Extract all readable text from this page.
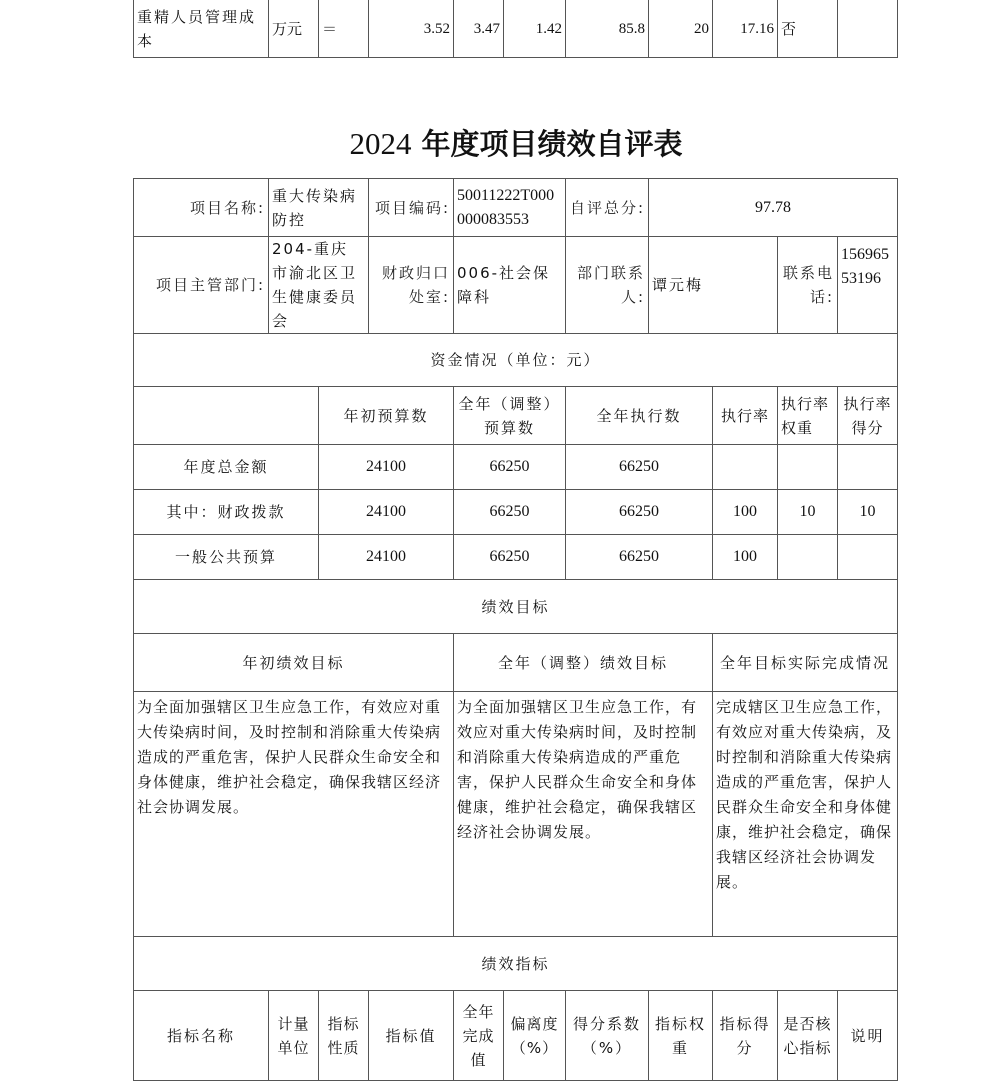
重精人员管理成本	万元	＝	3.52	3.47	1.42	85.8	20	17.16	否	
2024 年度项目绩效自评表
项目名称:	重大传染病防控		项目编码:	50011222T000000083553		自评总分:	97.78			
项目主管部门:	204-重庆市渝北区卫生健康委员会		财政归口处室:	006-社会保障科		部门联系人:	谭元梅		联系电话:	15696553196
资金情况（单位：元）										
		年初预算数		全年（调整）预算数		全年执行数		执行率	执行率权重	执行率得分
年度总金额		24100		66250		66250				
其中：财政拨款		24100		66250		66250		100	10	10
一般公共预算		24100		66250		66250		100		
绩效目标										
年初绩效目标				全年（调整）绩效目标				全年目标实际完成情况		
为全面加强辖区卫生应急工作，有效应对重大传染病时间，及时控制和消除重大传染病造成的严重危害，保护人民群众生命安全和身体健康，维护社会稳定，确保我辖区经济社会协调发展。				为全面加强辖区卫生应急工作，有效应对重大传染病时间，及时控制和消除重大传染病造成的严重危害，保护人民群众生命安全和身体健康，维护社会稳定，确保我辖区经济社会协调发展。				完成辖区卫生应急工作，有效应对重大传染病，及时控制和消除重大传染病造成的严重危害，保护人民群众生命安全和身体健康，维护社会稳定，确保我辖区经济社会协调发展。		
绩效指标										
指标名称	计量单位	指标性质	指标值	全年完成值	偏离度（%）	得分系数（%）	指标权重	指标得分	是否核心指标	说明
